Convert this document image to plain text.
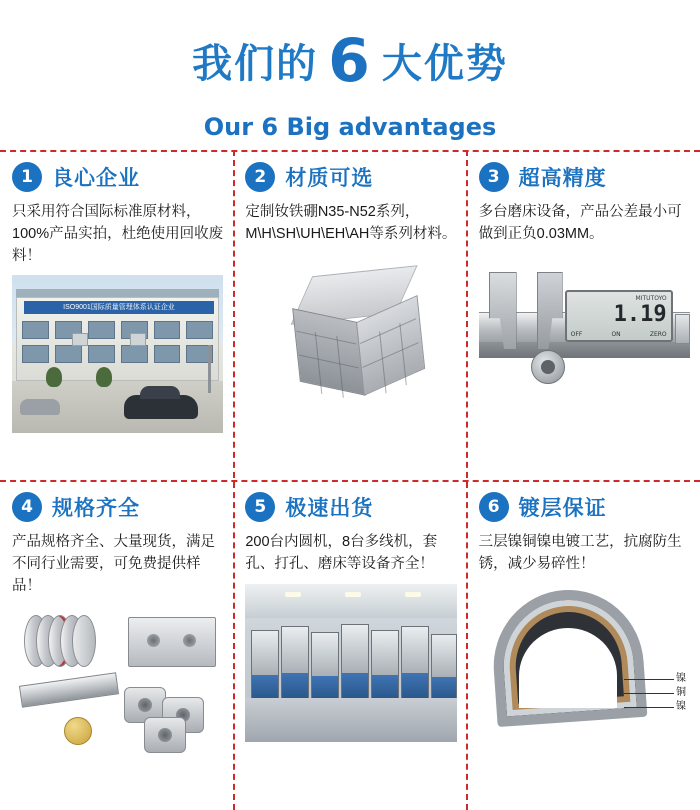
我们的 6 大优势
Our 6 Big advantages
1 良心企业

只采用符合国际标准原材料，100%产品实拍，杜绝使用回收废料！

ISO9001国际质量管理体系认证企业
2 材质可选

定制钕铁硼N35-N52系列，M\H\SH\UH\EH\AH等系列材料。

3 超高精度

多台磨床设备，产品公差最小可做到正负0.03MM。

MITUTOYO
1.19
OFF	ON	ZERO
4 规格齐全

产品规格齐全、大量现货，满足不同行业需要，可免费提供样品！

5 极速出货

200台内圆机，8台多线机，套孔、打孔、磨床等设备齐全！

6 镀层保证

三层镍铜镍电镀工艺，抗腐防生锈，减少易碎性！

镍
铜
镍
